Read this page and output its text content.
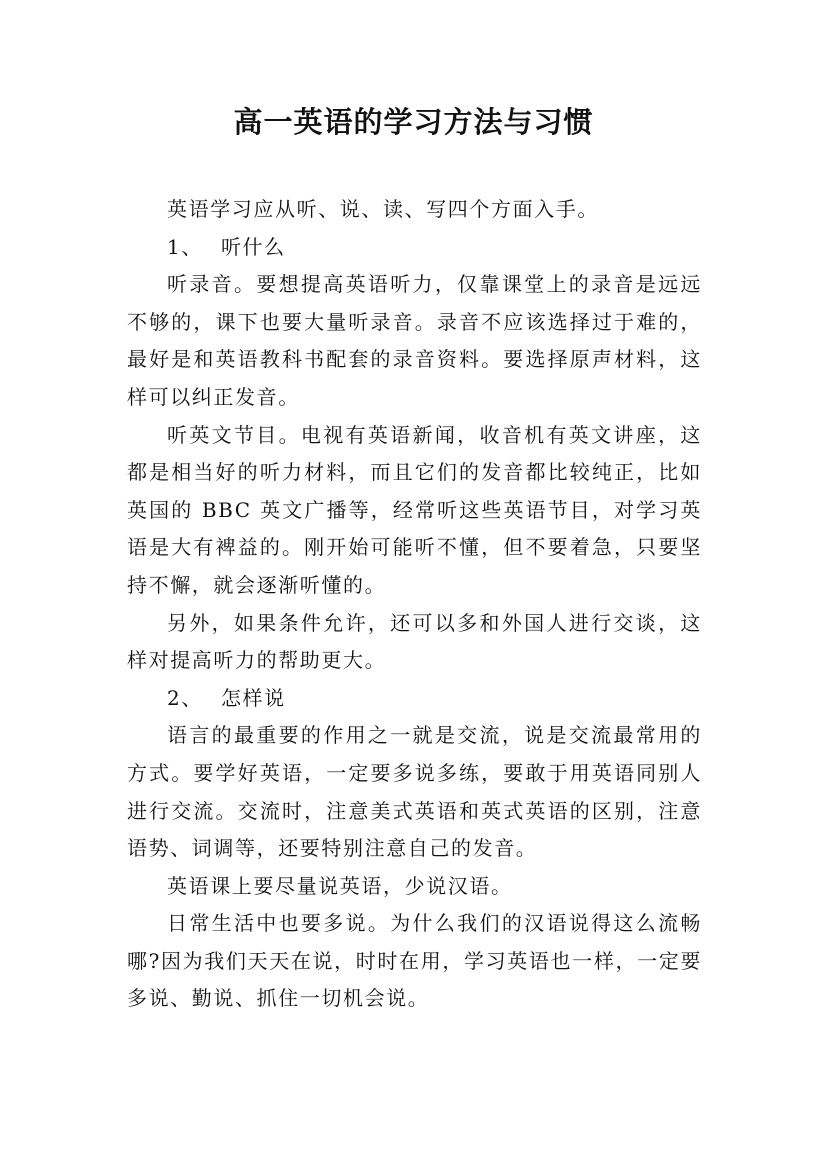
高一英语的学习方法与习惯

英语学习应从听、说、读、写四个方面入手。

1、 听什么

听录音。要想提高英语听力，仅靠课堂上的录音是远远不够的，课下也要大量听录音。录音不应该选择过于难的，最好是和英语教科书配套的录音资料。要选择原声材料，这样可以纠正发音。

听英文节目。电视有英语新闻，收音机有英文讲座，这都是相当好的听力材料，而且它们的发音都比较纯正，比如英国的 BBC 英文广播等，经常听这些英语节目，对学习英语是大有裨益的。刚开始可能听不懂，但不要着急，只要坚持不懈，就会逐渐听懂的。

另外，如果条件允许，还可以多和外国人进行交谈，这样对提高听力的帮助更大。

2、 怎样说

语言的最重要的作用之一就是交流，说是交流最常用的方式。要学好英语，一定要多说多练，要敢于用英语同别人进行交流。交流时，注意美式英语和英式英语的区别，注意语势、词调等，还要特别注意自己的发音。

英语课上要尽量说英语，少说汉语。

日常生活中也要多说。为什么我们的汉语说得这么流畅哪?因为我们天天在说，时时在用，学习英语也一样，一定要多说、勤说、抓住一切机会说。
